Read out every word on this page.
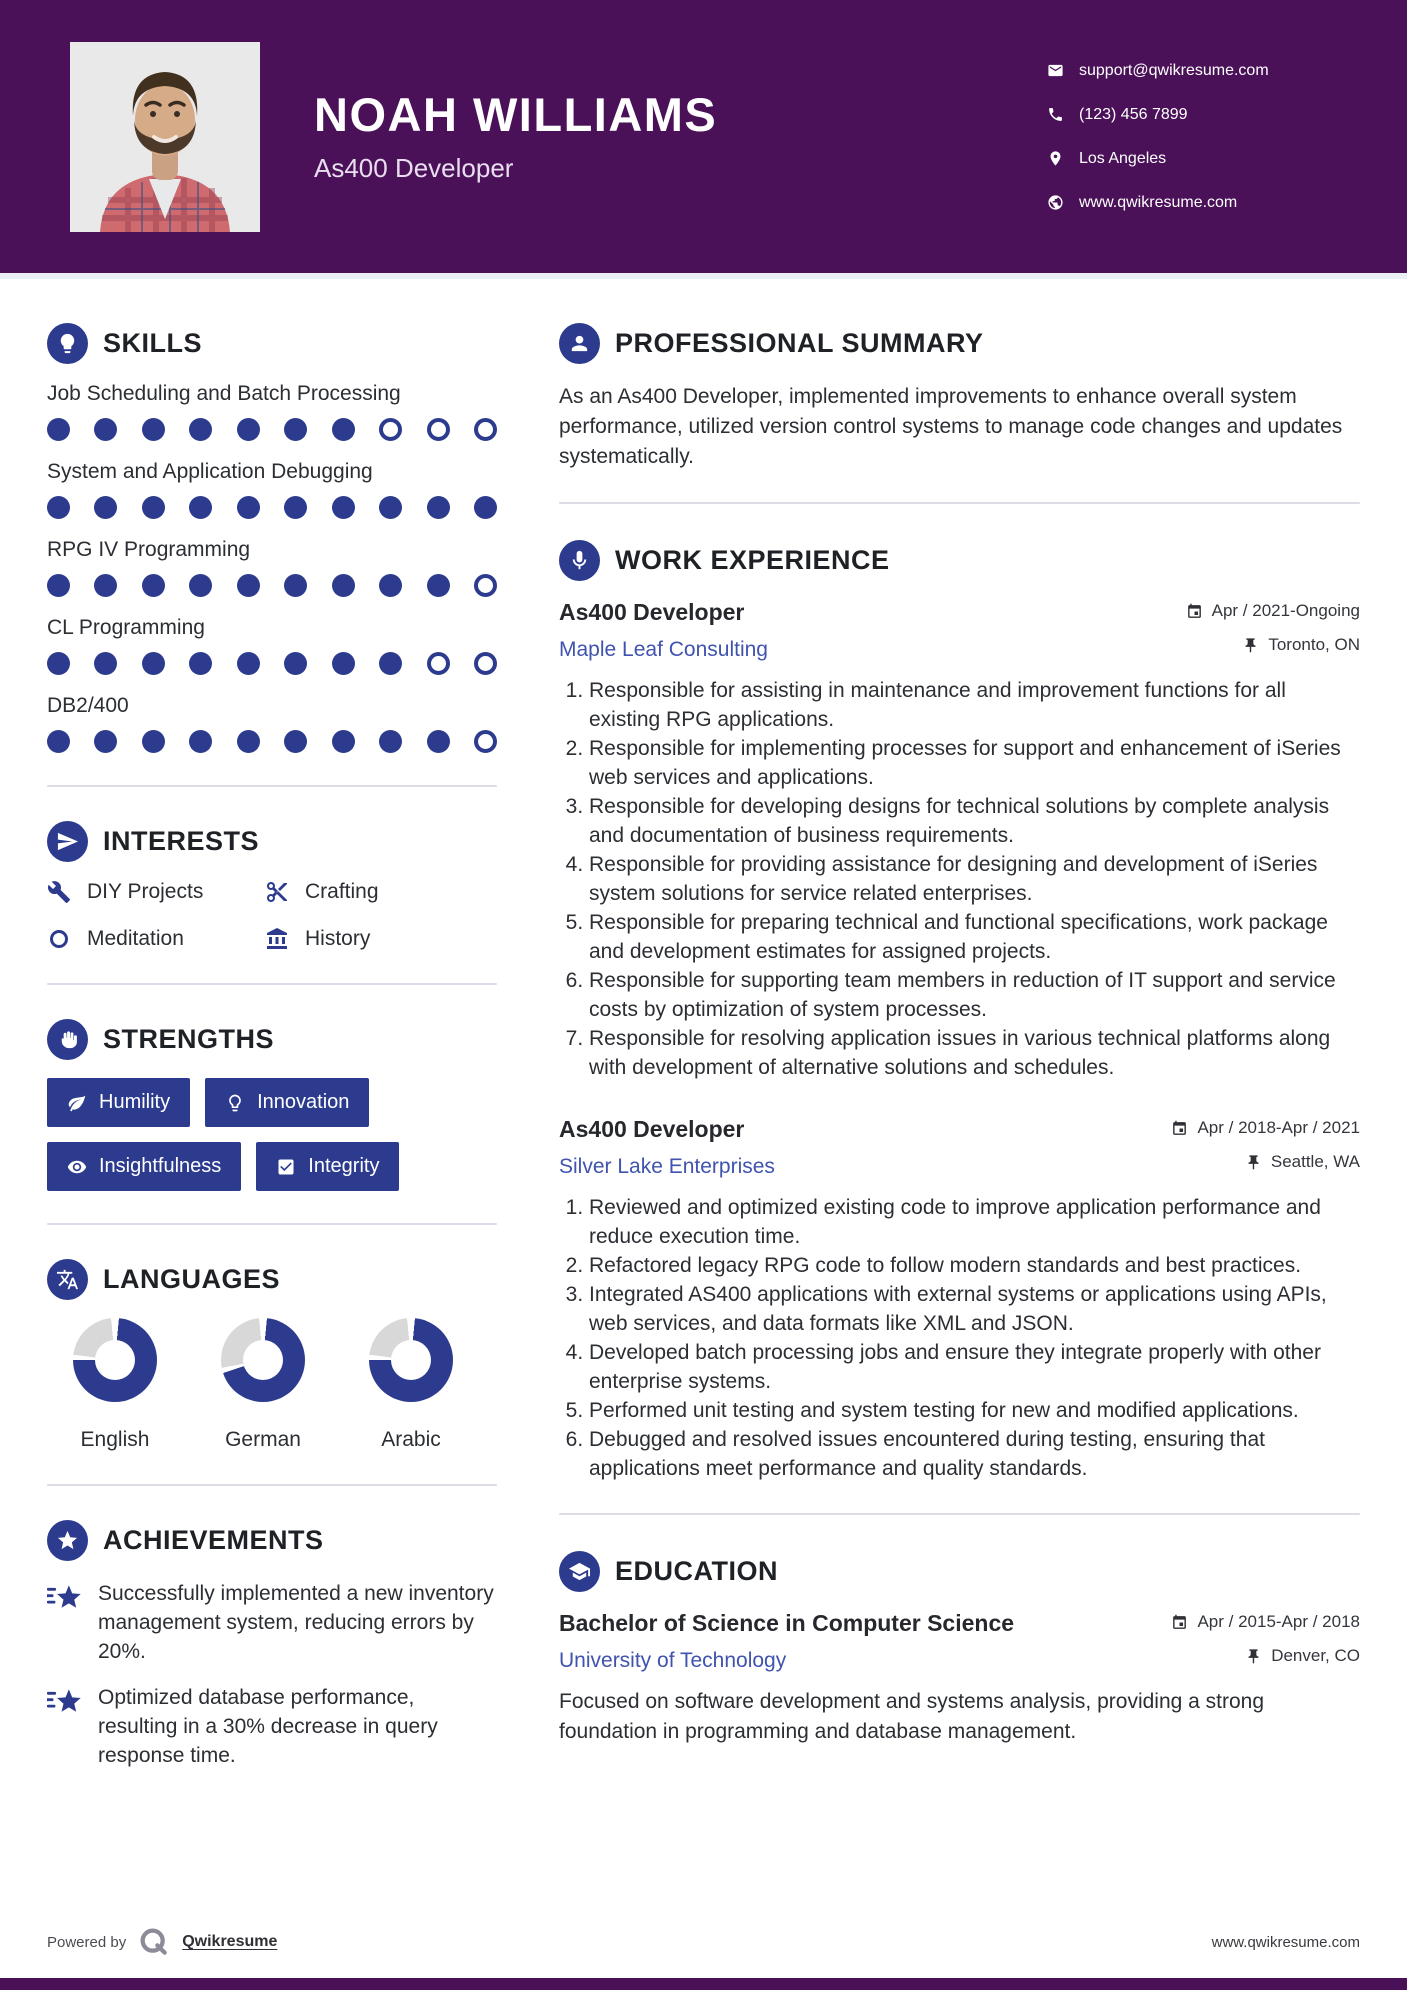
NOAH WILLIAMS
As400 Developer
support@qwikresume.com
(123) 456 7899
Los Angeles
www.qwikresume.com
SKILLS
Job Scheduling and Batch Processing
System and Application Debugging
RPG IV Programming
CL Programming
DB2/400
INTERESTS
DIY Projects	Crafting
Meditation	History
STRENGTHS
Humility	Innovation
Insightfulness	Integrity
LANGUAGES
English	German	Arabic
ACHIEVEMENTS

Successfully implemented a new inventory management system, reducing errors by 20%.

Optimized database performance, resulting in a 30% decrease in query response time.

PROFESSIONAL SUMMARY

As an As400 Developer, implemented improvements to enhance overall system performance, utilized version control systems to manage code changes and updates systematically.

WORK EXPERIENCE
As400 Developer
Maple Leaf Consulting
Apr / 2021-Ongoing
Toronto, ON
1. Responsible for assisting in maintenance and improvement functions for all existing RPG applications.
2. Responsible for implementing processes for support and enhancement of iSeries web services and applications.
3. Responsible for developing designs for technical solutions by complete analysis and documentation of business requirements.
4. Responsible for providing assistance for designing and development of iSeries system solutions for service related enterprises.
5. Responsible for preparing technical and functional specifications, work package and development estimates for assigned projects.
6. Responsible for supporting team members in reduction of IT support and service costs by optimization of system processes.
7. Responsible for resolving application issues in various technical platforms along with development of alternative solutions and schedules.
As400 Developer
Silver Lake Enterprises
Apr / 2018-Apr / 2021
Seattle, WA
1. Reviewed and optimized existing code to improve application performance and reduce execution time.
2. Refactored legacy RPG code to follow modern standards and best practices.
3. Integrated AS400 applications with external systems or applications using APIs, web services, and data formats like XML and JSON.
4. Developed batch processing jobs and ensure they integrate properly with other enterprise systems.
5. Performed unit testing and system testing for new and modified applications.
6. Debugged and resolved issues encountered during testing, ensuring that applications meet performance and quality standards.
EDUCATION
Bachelor of Science in Computer Science
University of Technology
Apr / 2015-Apr / 2018
Denver, CO

Focused on software development and systems analysis, providing a strong foundation in programming and database management.

Powered by	Qwikresume	www.qwikresume.com
